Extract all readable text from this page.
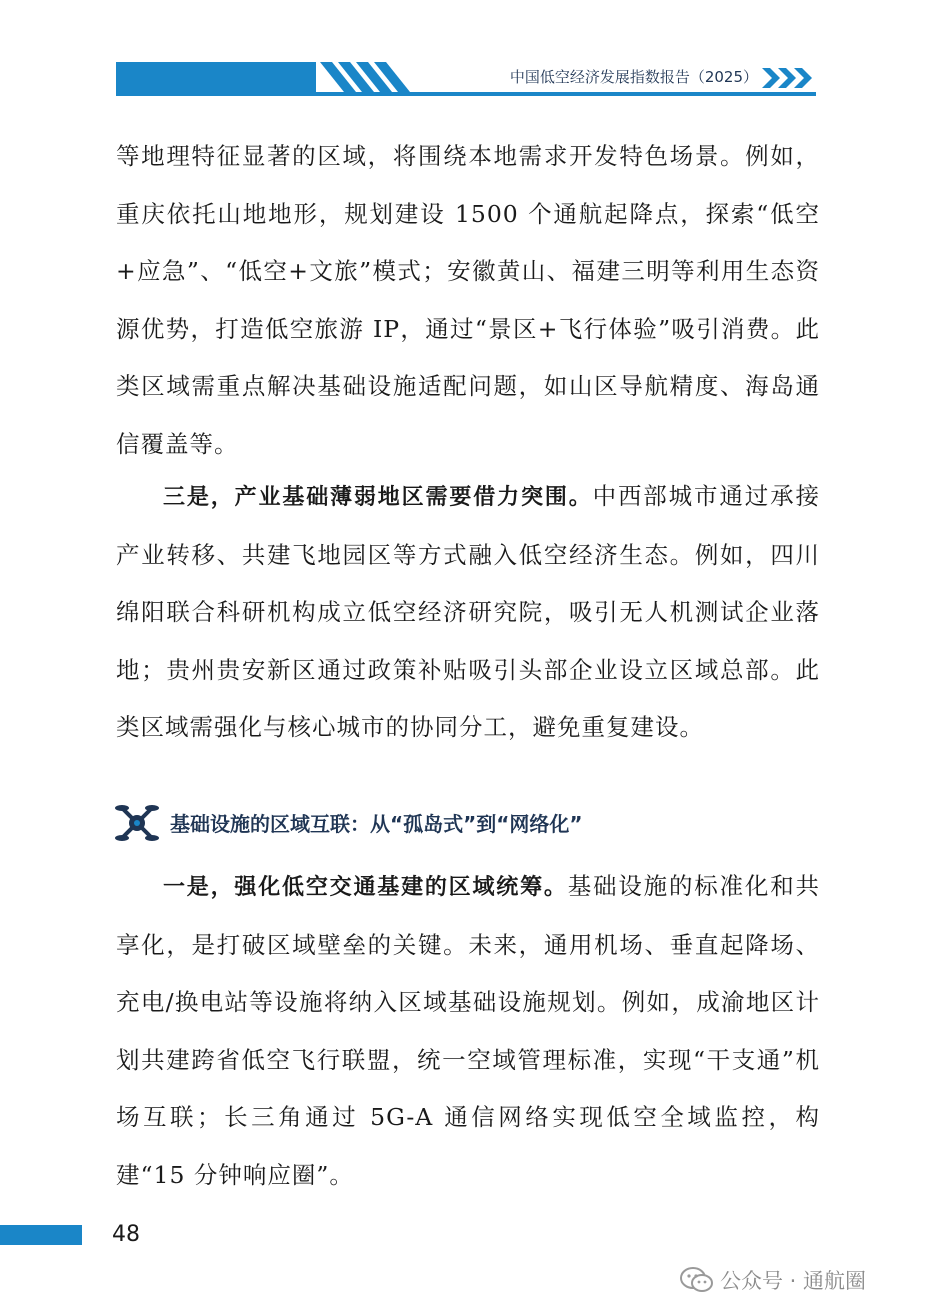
中国低空经济发展指数报告（2025）
等地理特征显著的区域，将围绕本地需求开发特色场景。例如，重庆依托山地地形，规划建设 1500 个通航起降点，探索“低空+应急”、“低空+文旅”模式；安徽黄山、福建三明等利用生态资源优势，打造低空旅游 IP，通过“景区+飞行体验”吸引消费。此类区域需重点解决基础设施适配问题，如山区导航精度、海岛通信覆盖等。
三是，产业基础薄弱地区需要借力突围。中西部城市通过承接产业转移、共建飞地园区等方式融入低空经济生态。例如，四川绵阳联合科研机构成立低空经济研究院，吸引无人机测试企业落地；贵州贵安新区通过政策补贴吸引头部企业设立区域总部。此类区域需强化与核心城市的协同分工，避免重复建设。
基础设施的区域互联：从“孤岛式”到“网络化”
一是，强化低空交通基建的区域统筹。基础设施的标准化和共享化，是打破区域壁垒的关键。未来，通用机场、垂直起降场、充电/换电站等设施将纳入区域基础设施规划。例如，成渝地区计划共建跨省低空飞行联盟，统一空域管理标准，实现“干支通”机场互联；长三角通过 5G-A 通信网络实现低空全域监控，构建“15 分钟响应圈”。
48
公众号 · 通航圈
